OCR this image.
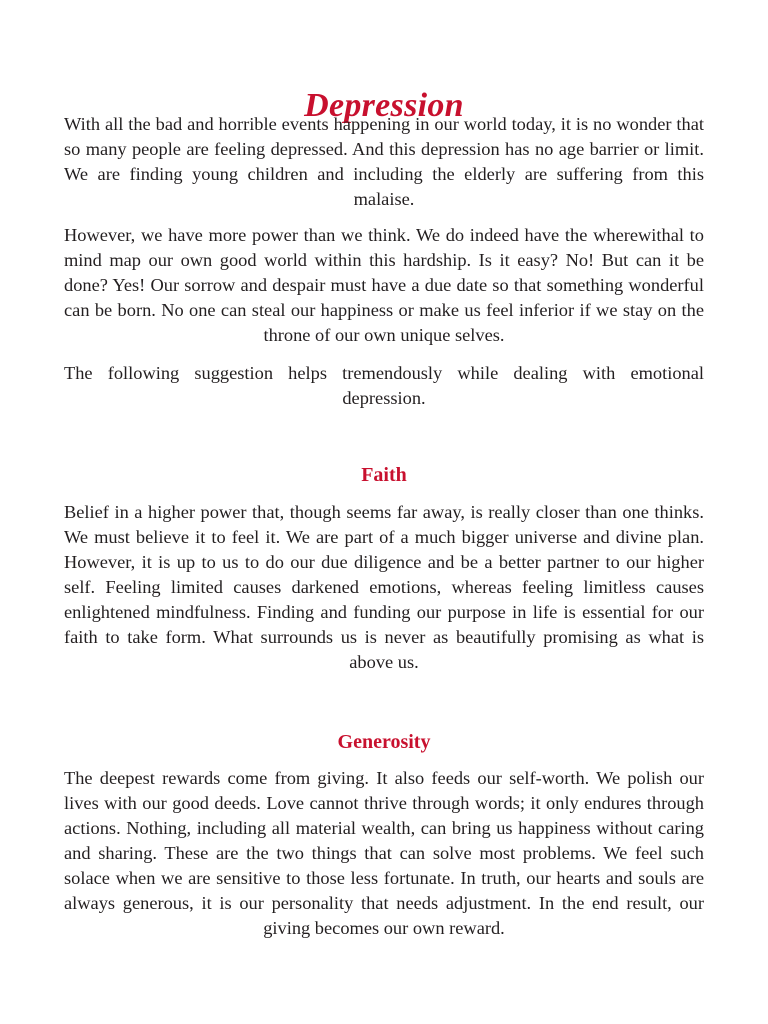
Depression

With all the bad and horrible events happening in our world today, it is no wonder that so many people are feeling depressed. And this depression has no age barrier or limit. We are finding young children and including the elderly are suffering from this malaise.

However, we have more power than we think. We do indeed have the wherewithal to mind map our own good world within this hardship. Is it easy? No! But can it be done? Yes! Our sorrow and despair must have a due date so that something wonderful can be born. No one can steal our happiness or make us feel inferior if we stay on the throne of our own unique selves.

The following suggestion helps tremendously while dealing with emotional depression.

Faith

Belief in a higher power that, though seems far away, is really closer than one thinks. We must believe it to feel it. We are part of a much bigger universe and divine plan. However, it is up to us to do our due diligence and be a better partner to our higher self. Feeling limited causes darkened emotions, whereas feeling limitless causes enlightened mindfulness. Finding and funding our purpose in life is essential for our faith to take form. What surrounds us is never as beautifully promising as what is above us.

Generosity

The deepest rewards come from giving. It also feeds our self-worth. We polish our lives with our good deeds. Love cannot thrive through words; it only endures through actions. Nothing, including all material wealth, can bring us happiness without caring and sharing. These are the two things that can solve most problems. We feel such solace when we are sensitive to those less fortunate. In truth, our hearts and souls are always generous, it is our personality that needs adjustment. In the end result, our giving becomes our own reward.
